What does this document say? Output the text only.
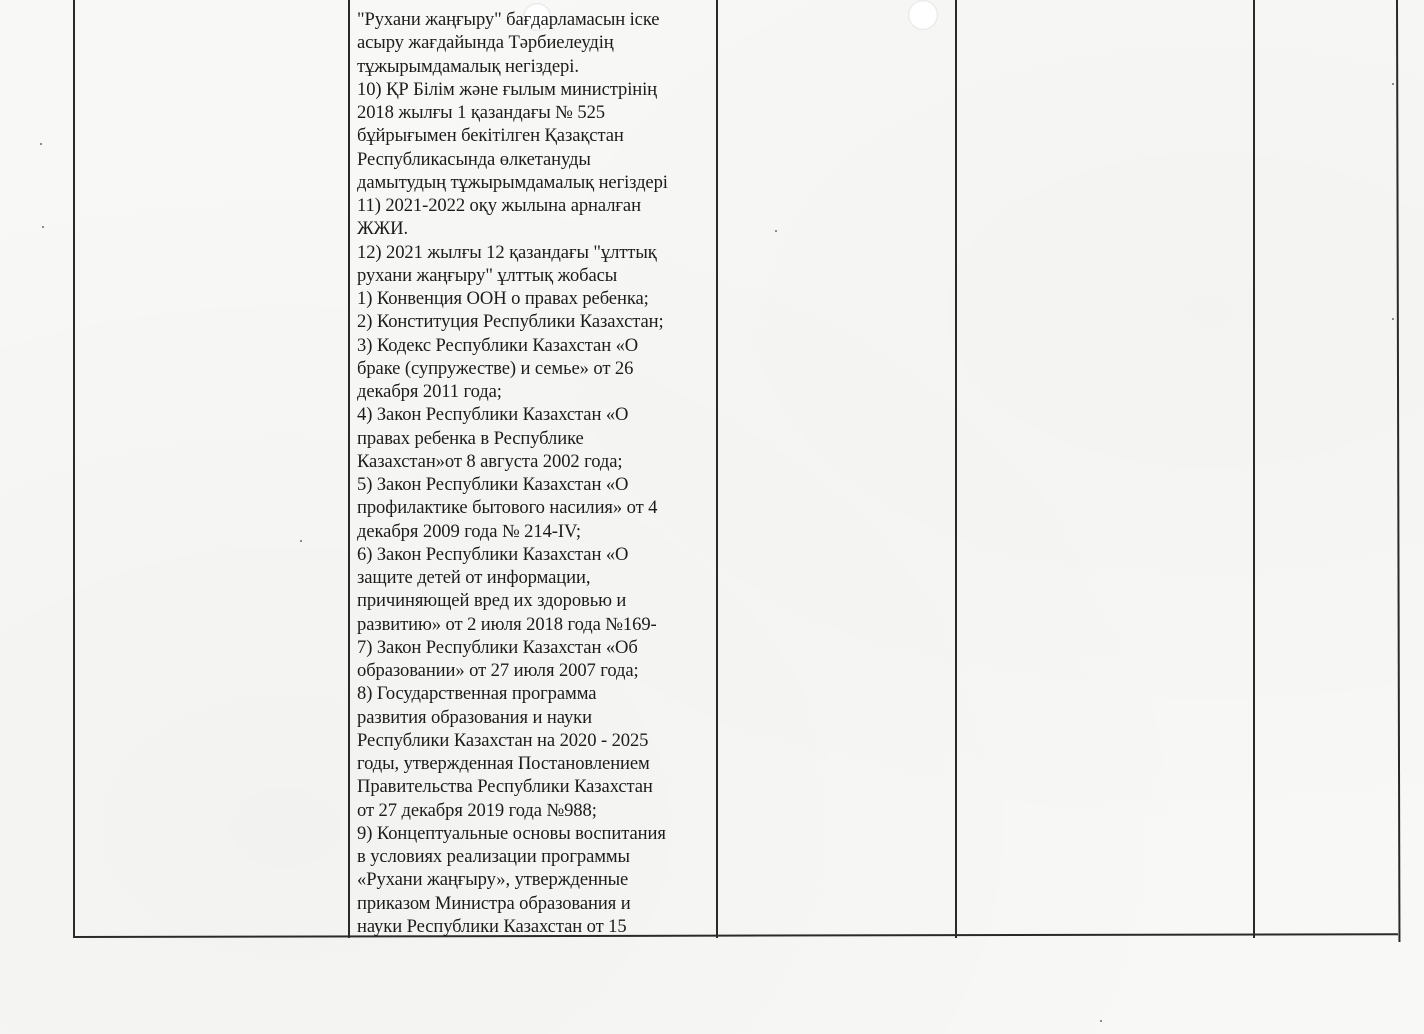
"Рухани жаңғыру" бағдарламасын іске
асыру жағдайында Тәрбиелеудің
тұжырымдамалық негіздері.

10) ҚР Білім және ғылым министрінің
2018 жылғы 1 қазандағы № 525
бұйрығымен бекітілген Қазақстан
Республикасында өлкетануды
дамытудың тұжырымдамалық негіздері

11) 2021-2022 оқу жылына арналған
ЖЖИ.

12) 2021 жылғы 12 қазандағы "ұлттық
рухани жаңғыру" ұлттық жобасы

1) Конвенция ООН о правах ребенка;

2) Конституция Республики Казахстан;

3) Кодекс Республики Казахстан «О
браке (супружестве) и семье» от 26
декабря 2011 года;

4) Закон Республики Казахстан «О
правах ребенка в Республике
Казахстан»от 8 августа 2002 года;

5) Закон Республики Казахстан «О
профилактике бытового насилия» от 4
декабря 2009 года № 214-IV;

6) Закон Республики Казахстан «О
защите детей от информации,
причиняющей вред их здоровью и
развитию» от 2 июля 2018 года №169-

7) Закон Республики Казахстан «Об
образовании» от 27 июля 2007 года;

8) Государственная программа
развития образования и науки
Республики Казахстан на 2020 - 2025
годы, утвержденная Постановлением
Правительства Республики Казахстан
от 27 декабря 2019 года №988;

9) Концептуальные основы воспитания
в условиях реализации программы
«Рухани жаңғыру», утвержденные
приказом Министра образования и
науки Республики Казахстан от 15
